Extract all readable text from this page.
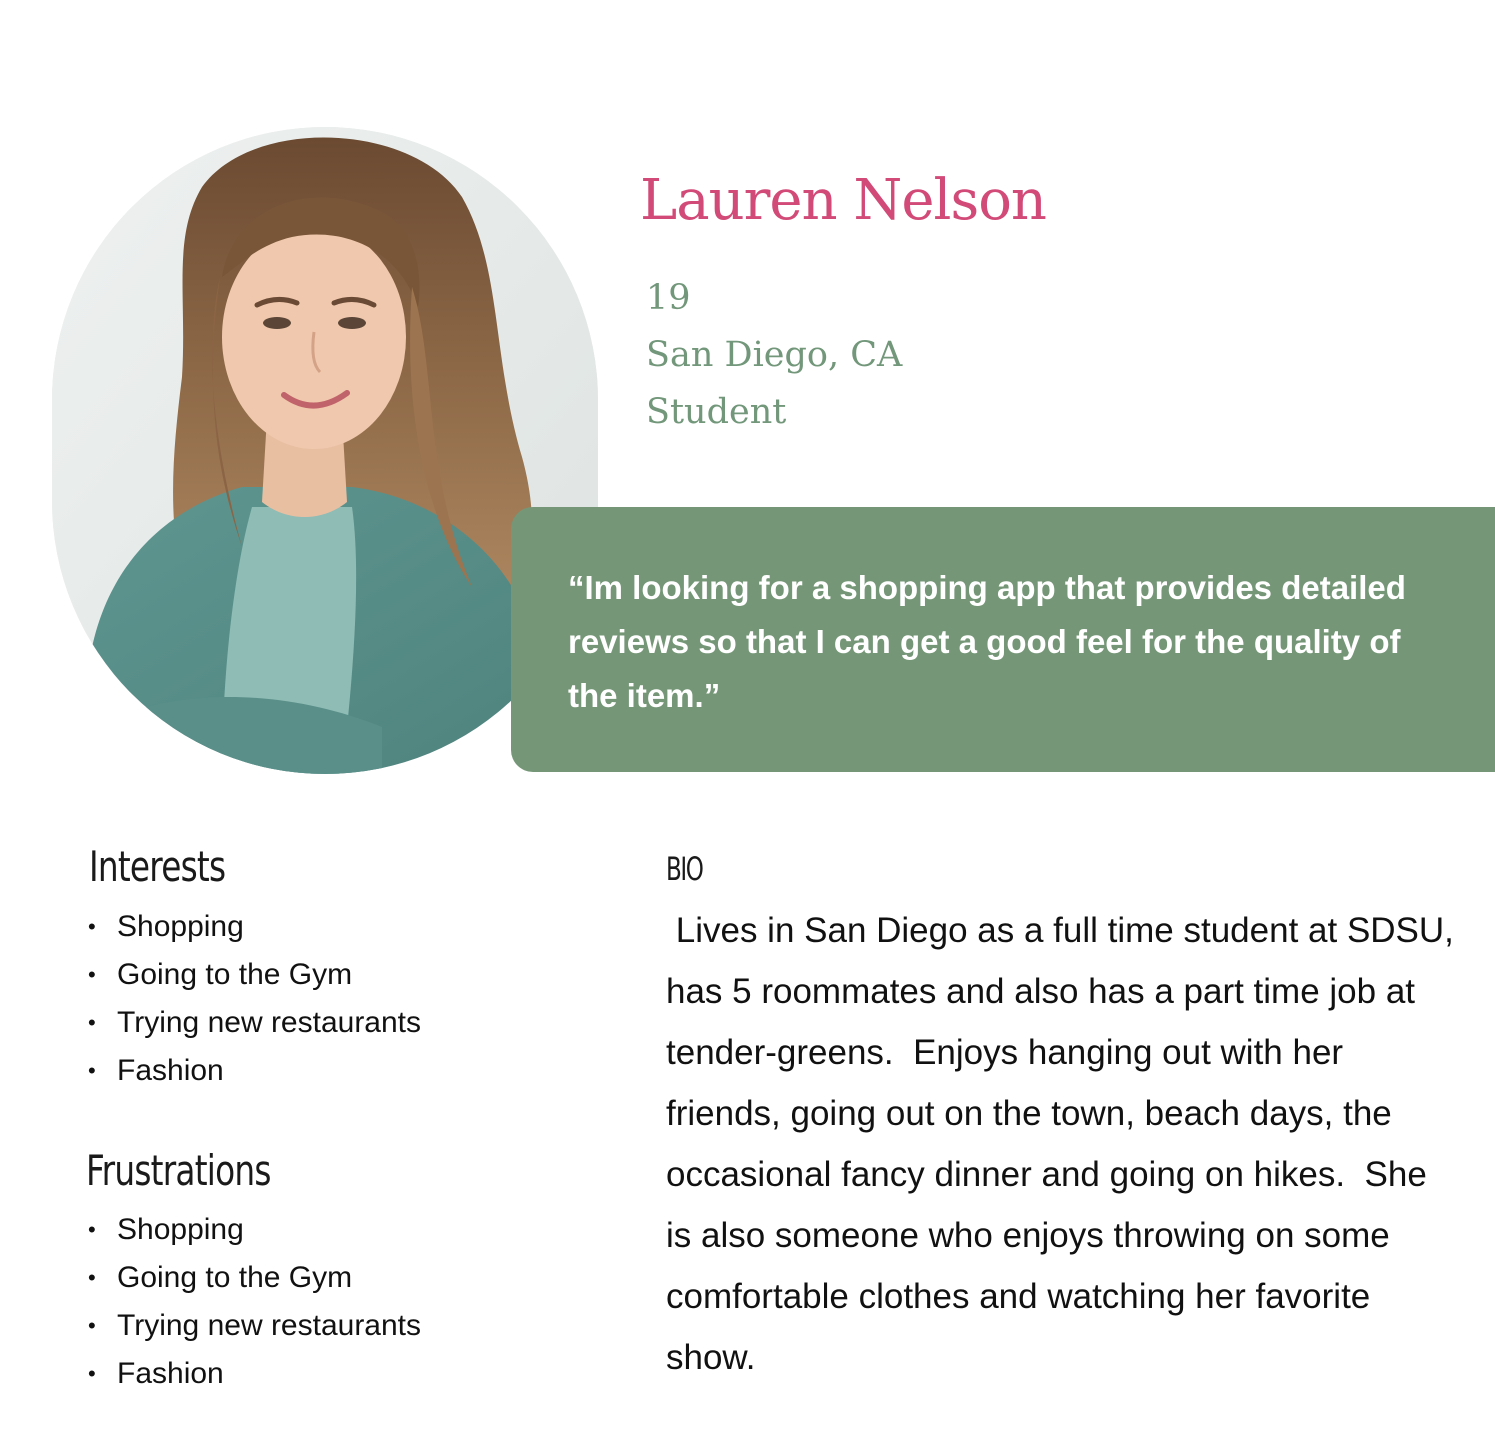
Lauren Nelson
19
San Diego, CA
Student

“Im looking for a shopping app that provides detailed reviews so that I can get a good feel for the quality of the item.”

Interests
• Shopping
• Going to the Gym
• Trying new restaurants
• Fashion
Frustrations
• Shopping
• Going to the Gym
• Trying new restaurants
• Fashion
BIO

Lives in San Diego as a full time student at SDSU, has 5 roommates and also has a part time job at tender-greens.  Enjoys hanging out with her friends, going out on the town, beach days, the occasional fancy dinner and going on hikes.  She is also someone who enjoys throwing on some comfortable clothes and watching her favorite show.
